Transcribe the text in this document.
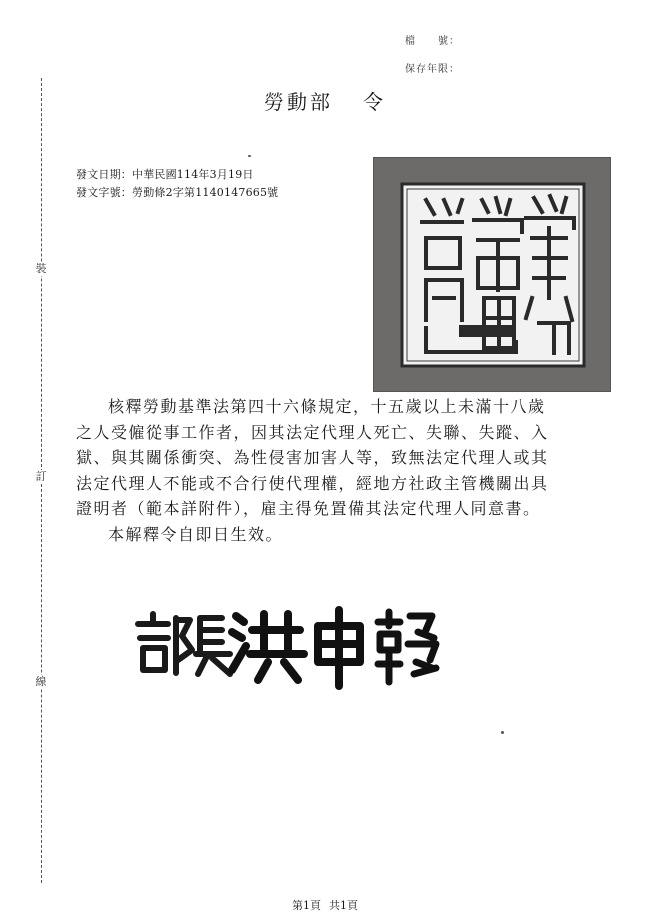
裝
訂
線
檔　　號：
保存年限：
勞動部 令
發文日期：中華民國114年3月19日
發文字號：勞動條2字第1140147665號

核釋勞動基準法第四十六條規定，十五歲以上未滿十八歲之人受僱從事工作者，因其法定代理人死亡、失聯、失蹤、入獄、與其關係衝突、為性侵害加害人等，致無法定代理人或其法定代理人不能或不合行使代理權，經地方社政主管機關出具證明者（範本詳附件），雇主得免置備其法定代理人同意書。

本解釋令自即日生效。

第1頁 共1頁
